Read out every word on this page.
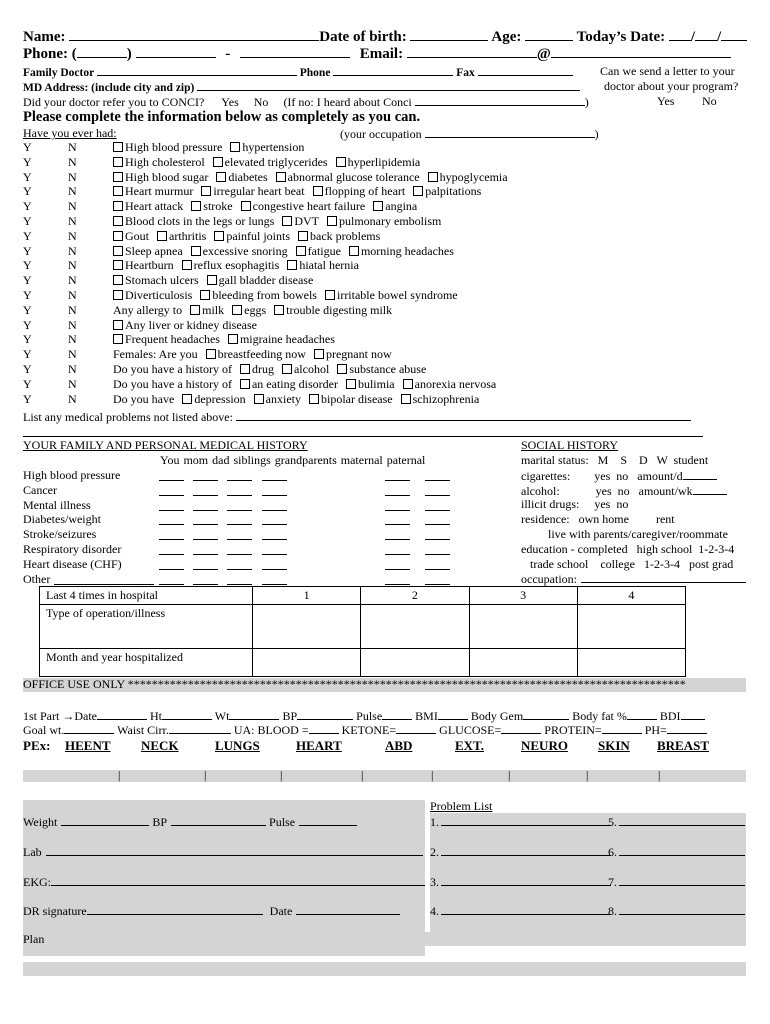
Name:	Date of birth:	Age:	Today’s Date: / /
Phone: (	)	-	Email:	@
Family Doctor	Phone	Fax	Can we send a letter to your
MD Address: (include city and zip)	doctor about your program?
Did your doctor refer you to CONCI? Yes No (If no: I heard about Conci	)	Yes No
Please complete the information below as completely as you can.
Have you ever had:	(your occupation	)
Y	N	High blood pressure hypertension
Y	N	High cholesterol elevated triglycerides hyperlipidemia
Y	N	High blood sugar diabetes abnormal glucose tolerance hypoglycemia
Y	N	Heart murmur irregular heart beat flopping of heart palpitations
Y	N	Heart attack stroke congestive heart failure angina
Y	N	Blood clots in the legs or lungs DVT pulmonary embolism
Y	N	Gout arthritis painful joints back problems
Y	N	Sleep apnea excessive snoring fatigue morning headaches
Y	N	Heartburn reflux esophagitis hiatal hernia
Y	N	Stomach ulcers gall bladder disease
Y	N	Diverticulosis bleeding from bowels irritable bowel syndrome
Y	N	Any allergy to milk eggs trouble digesting milk
Y	N	Any liver or kidney disease
Y	N	Frequent headaches migraine headaches
Y	N	Females: Are you breastfeeding now pregnant now
Y	N	Do you have a history of drug alcohol substance abuse
Y	N	Do you have a history of an eating disorder bulimia anorexia nervosa
Y	N	Do you have depression anxiety bipolar disease schizophrenia
List any medical problems not listed above:
YOUR FAMILY AND PERSONAL MEDICAL HISTORY
You mom dad siblings grandparents maternal paternal
High blood pressure
Cancer
Mental illness
Diabetes/weight
Stroke/seizures
Respiratory disorder
Heart disease (CHF)
Other
SOCIAL HISTORY
marital status:   M    S    D   W  student
cigarettes:        yes  no   amount/d
alcohol:            yes  no   amount/wk
illicit drugs:     yes  no
residence:   own home         rent
live with parents/caregiver/roommate
education - completed   high school  1-2-3-4
trade school    college   1-2-3-4   post grad
occupation:
Last 4 times in hospital	1	2	3	4
Type of operation/illness				
Month and year hospitalized				
OFFICE USE ONLY *********************************************************************************************
1st Part →Date	Ht	Wt	BP	Pulse	BMI	Body Gem	Body fat %	BDI
Goal wt.	Waist Cirr.	UA: BLOOD =	KETONE=	GLUCOSE=	PROTEIN=	PH=
PEx: HEENT NECK	LUNGS	HEART	ABD	EXT.	NEURO SKIN BREAST
|	|	|	|	|	|	|	|
Problem List
Weight	BP	Pulse
Lab
EKG:
DR signature	Date
Plan
1.
2.
3.
4.
5.
6.
7.
8.
